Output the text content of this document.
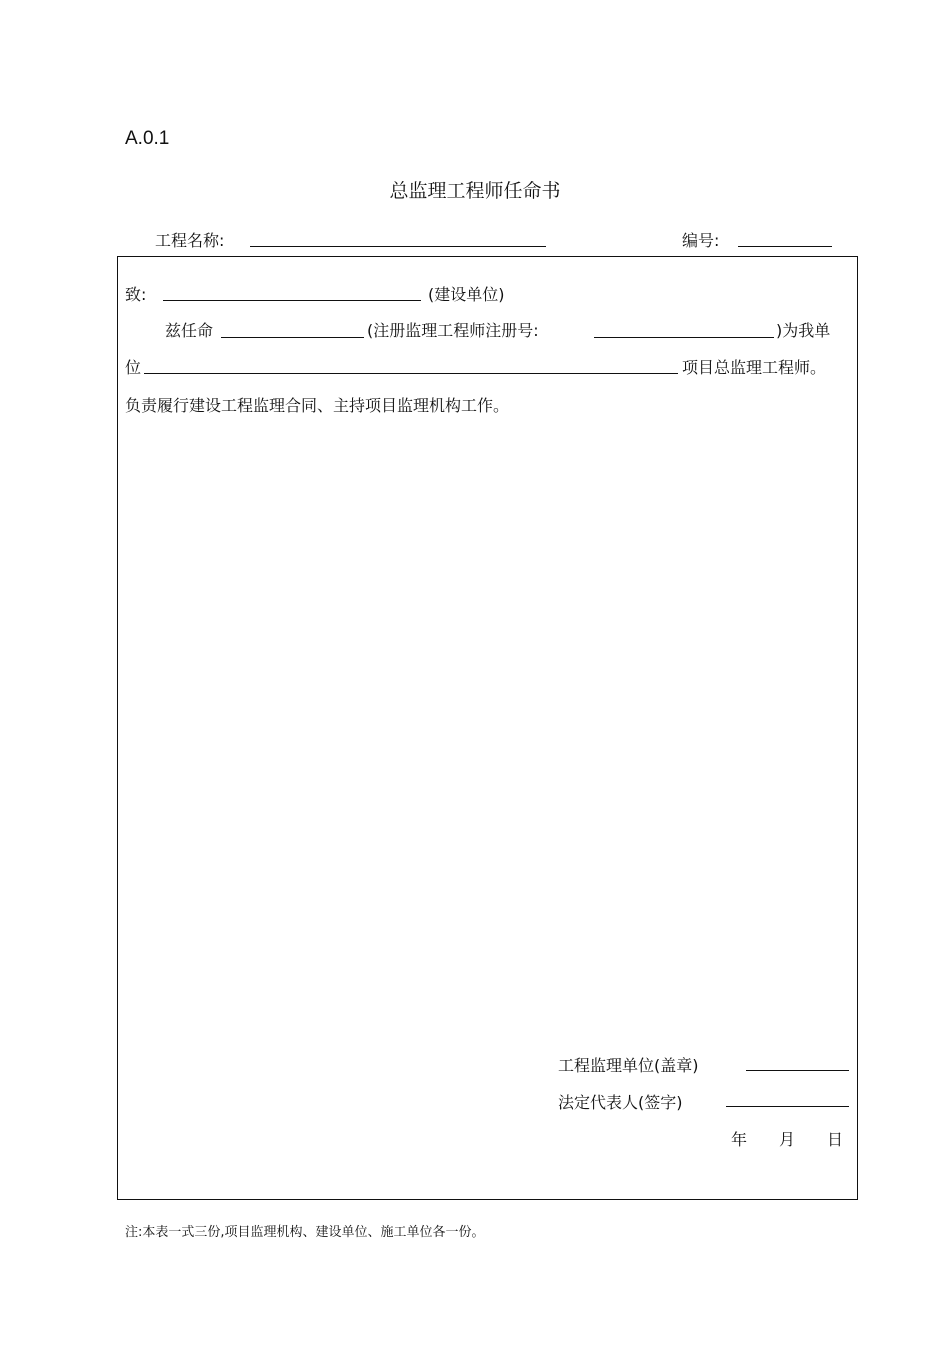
A.0.1
总监理工程师任命书
工程名称:	编号:
致:	(建设单位)
兹任命	(注册监理工程师注册号:	)为我单
位	项目总监理工程师。
负责履行建设工程监理合同、主持项目监理机构工作。
工程监理单位(盖章)
法定代表人(签字)
年 月 日
注:本表一式三份,项目监理机构、建设单位、施工单位各一份。
